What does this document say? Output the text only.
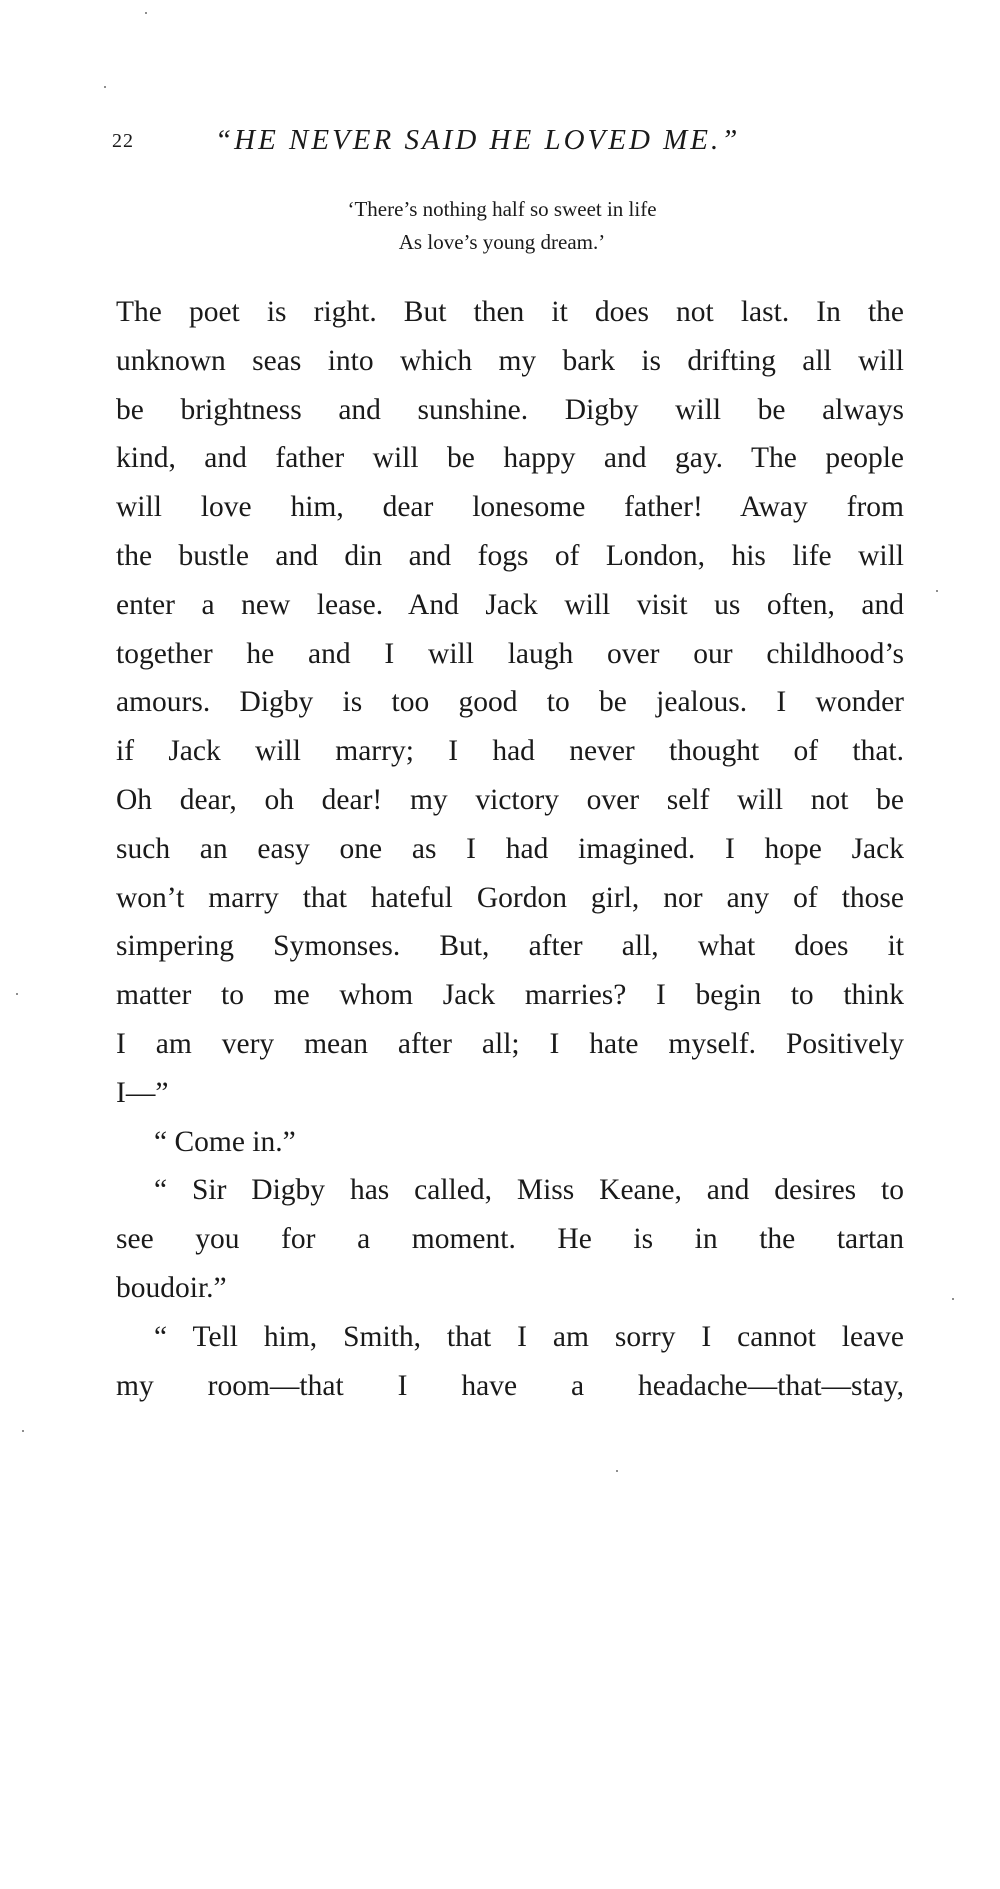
22	“HE NEVER SAID HE LOVED ME.”
‘There’s nothing half so sweet in life
As love’s young dream.’
The poet is right. But then it does not last. In the
unknown seas into which my bark is drifting all will
be brightness and sunshine. Digby will be always
kind, and father will be happy and gay. The people
will love him, dear lonesome father! Away from
the bustle and din and fogs of London, his life will
enter a new lease. And Jack will visit us often, and
together he and I will laugh over our childhood’s
amours. Digby is too good to be jealous. I wonder
if Jack will marry; I had never thought of that.
Oh dear, oh dear! my victory over self will not be
such an easy one as I had imagined. I hope Jack
won’t marry that hateful Gordon girl, nor any of those
simpering Symonses. But, after all, what does it
matter to me whom Jack marries? I begin to think
I am very mean after all; I hate myself. Positively
I—”
“ Come in.”
“ Sir Digby has called, Miss Keane, and desires to
see you for a moment. He is in the tartan
boudoir.”
“ Tell him, Smith, that I am sorry I cannot leave
my room—that I have a headache—that—stay,
